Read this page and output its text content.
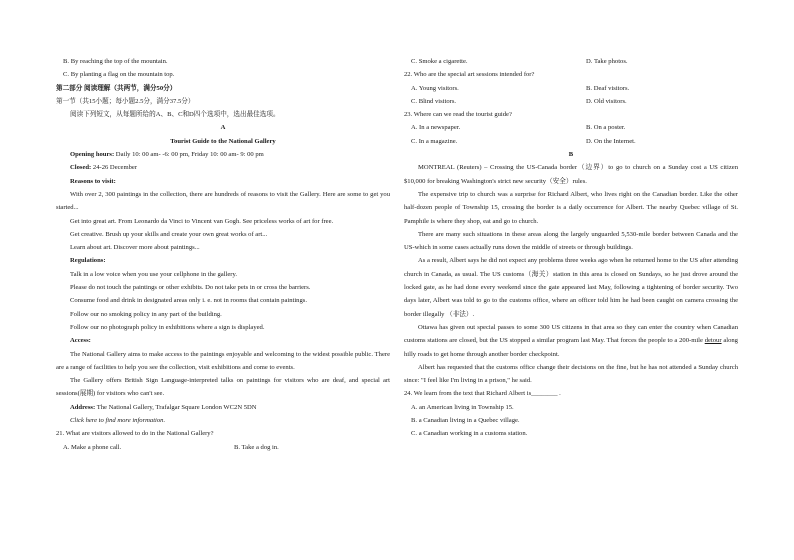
B. By reaching the top of the mountain.
C. By planting a flag on the mountain top.
第二部分 阅读理解（共两节，满分50分）
第一节（共15小题；每小题2.5分，满分37.5分）
阅读下列短文，从每题所给的A、B、C和D四个选项中，选出最佳选项。
A
Tourist Guide to the National Gallery
Opening hours: Daily 10: 00 am- -6: 00 pm, Friday 10: 00 am- 9: 00 pm
Closed: 24-26 December
Reasons to visit:
With over 2, 300 paintings in the collection, there are hundreds of reasons to visit the Gallery. Here are some to get you started...
Get into great art. From Leonardo da Vinci to Vincent van Gogh. See priceless works of art for free.
Get creative. Brush up your skills and create your own great works of art...
Learn about art. Discover more about paintings...
Regulations:
Talk in a low voice when you use your cellphone in the gallery.
Please do not touch the paintings or other exhibits. Do not take pets in or cross the barriers.
Consume food and drink in designated areas only i. e. not in rooms that contain paintings.
Follow our no smoking policy in any part of the building.
Follow our no photograph policy in exhibitions where a sign is displayed.
Access:
The National Gallery aims to make access to the paintings enjoyable and welcoming to the widest possible public. There are a range of facilities to help you see the collection, visit exhibitions and come to events.
The Gallery offers British Sign Language-interpreted talks on paintings for visitors who are deaf, and special art sessions(展期) for visitors who can't see.
Address: The National Gallery, Trafalgar Square London WC2N 5DN
Click here to find more information.
21. What are visitors allowed to do in the National Gallery?
A. Make a phone call.	B. Take a dog in.
C. Smoke a cigarette.	D. Take photos.
22. Who are the special art sessions intended for?
A. Young visitors.	B. Deaf visitors.
C. Blind visitors.	D. Old visitors.
23. Where can we read the tourist guide?
A. In a newspaper.	B. On a poster.
C. In a magazine.	D. On the Internet.
B
MONTREAL (Reuters) – Crossing the US-Canada border（边界）to go to church on a Sunday cost a US citizen $10,000 for breaking Washington's strict new security（安全）rules.
The expensive trip to church was a surprise for Richard Albert, who lives right on the Canadian border. Like the other half-dozen people of Township 15, crossing the border is a daily occurrence for Albert. The nearby Quebec village of St. Pamphile is where they shop, eat and go to church.
There are many such situations in these areas along the largely unguarded 5,530-mile border between Canada and the US-which in some cases actually runs down the middle of streets or through buildings.
As a result, Albert says he did not expect any problems three weeks ago when he returned home to the US after attending church in Canada, as usual. The US customs（海关）station in this area is closed on Sundays, so he just drove around the locked gate, as he had done every weekend since the gate appeared last May, following a tightening of border security. Two days later, Albert was told to go to the customs office, where an officer told him he had been caught on camera crossing the border illegally （非法）.
Ottawa has given out special passes to some 300 US citizens in that area so they can enter the country when Canadian customs stations are closed, but the US stopped a similar program last May. That forces the people to a 200-mile detour along hilly roads to get home through another border checkpoint.
Albert has requested that the customs office change their decisions on the fine, but he has not attended a Sunday church since: "I feel like I'm living in a prison," he said.
24. We learn from the text that Richard Albert is________ .
A. an American living in Township 15.
B. a Canadian living in a Quebec village.
C. a Canadian working in a customs station.
